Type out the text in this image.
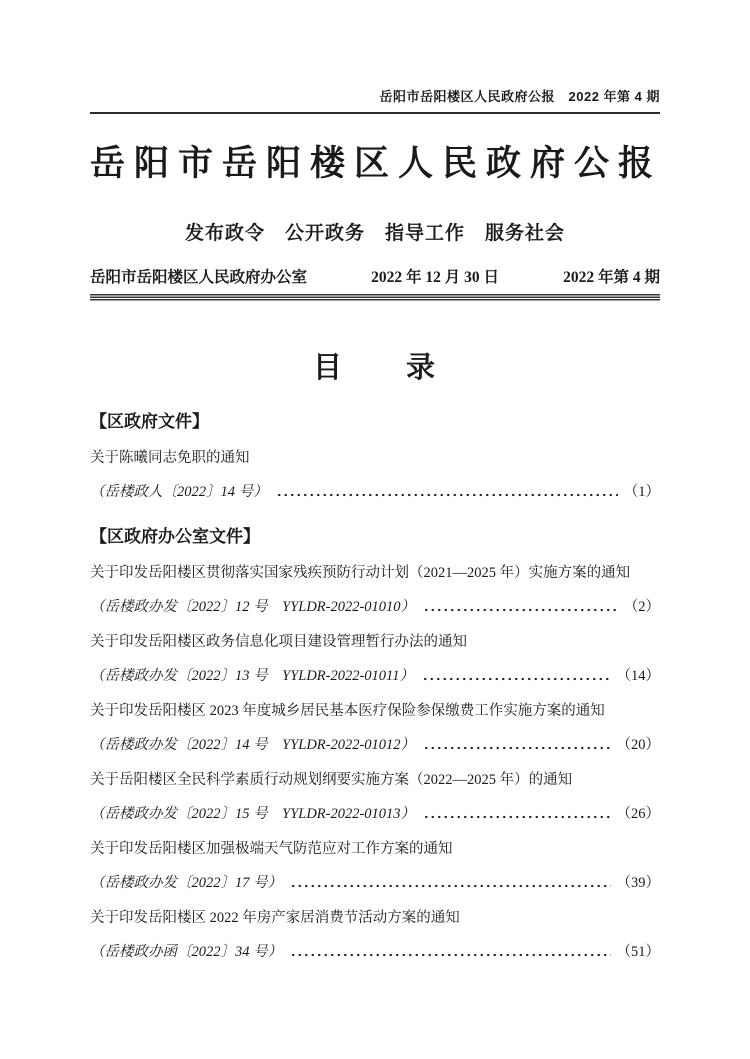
岳阳市岳阳楼区人民政府公报　2022 年第 4 期
岳阳市岳阳楼区人民政府公报
发布政令　公开政务　指导工作　服务社会
岳阳市岳阳楼区人民政府办公室	2022 年 12 月 30 日	2022 年第 4 期
目　　录
【区政府文件】
关于陈曦同志免职的通知
（岳楼政人〔2022〕14 号）	（1）
【区政府办公室文件】
关于印发岳阳楼区贯彻落实国家残疾预防行动计划（2021—2025 年）实施方案的通知
（岳楼政办发〔2022〕12 号　YYLDR-2022-01010）	（2）
关于印发岳阳楼区政务信息化项目建设管理暂行办法的通知
（岳楼政办发〔2022〕13 号　YYLDR-2022-01011）	（14）
关于印发岳阳楼区 2023 年度城乡居民基本医疗保险参保缴费工作实施方案的通知
（岳楼政办发〔2022〕14 号　YYLDR-2022-01012）	（20）
关于岳阳楼区全民科学素质行动规划纲要实施方案（2022—2025 年）的通知
（岳楼政办发〔2022〕15 号　YYLDR-2022-01013）	（26）
关于印发岳阳楼区加强极端天气防范应对工作方案的通知
（岳楼政办发〔2022〕17 号）	（39）
关于印发岳阳楼区 2022 年房产家居消费节活动方案的通知
（岳楼政办函〔2022〕34 号）	（51）
